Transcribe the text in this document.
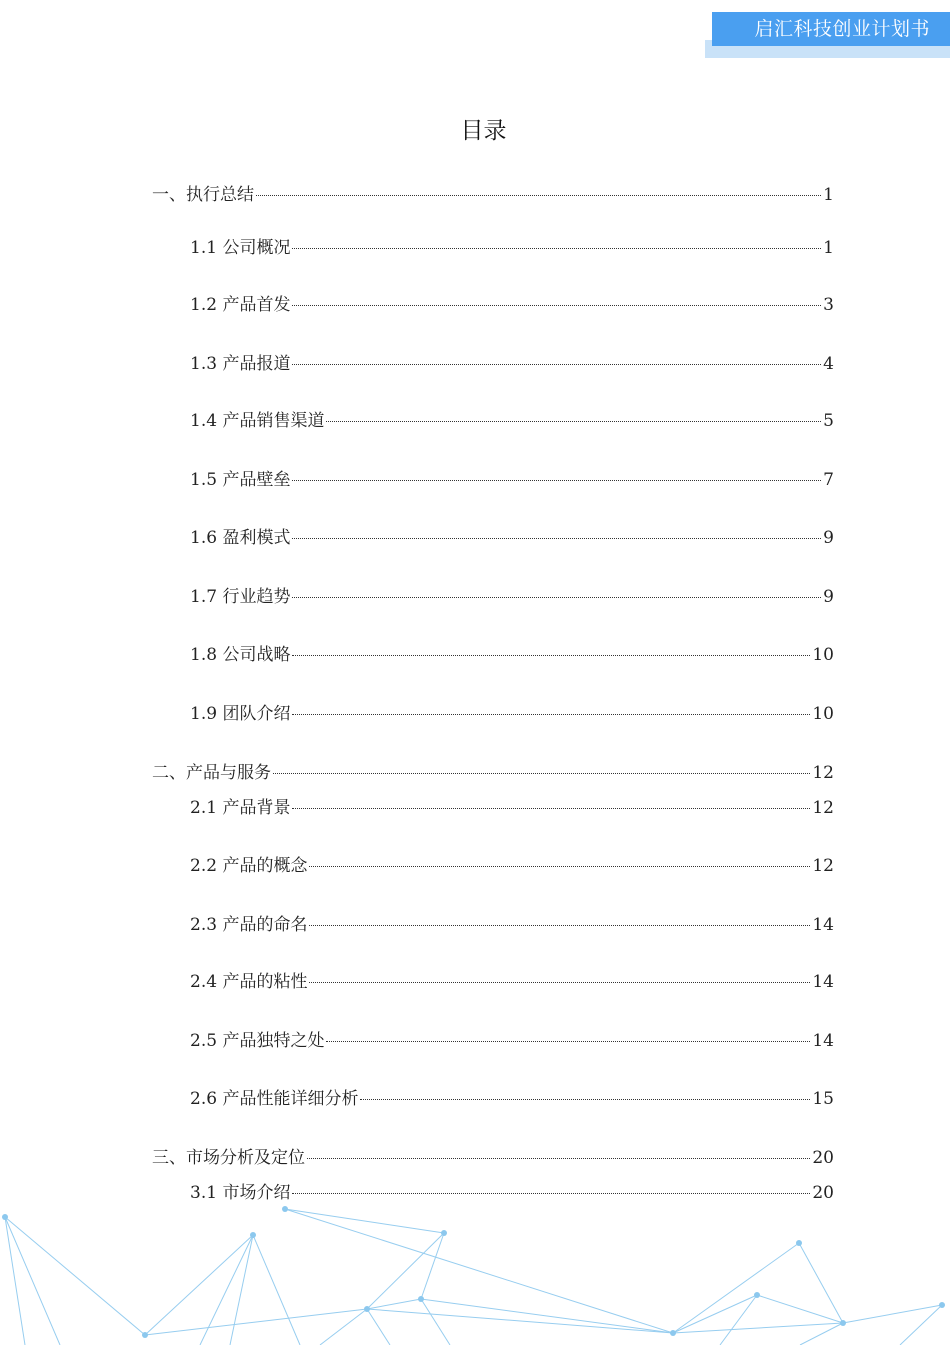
启汇科技创业计划书
目录
一、执行总结	1
1.1 公司概况	1
1.2 产品首发	3
1.3 产品报道	4
1.4 产品销售渠道	5
1.5 产品壁垒	7
1.6 盈利模式	9
1.7 行业趋势	9
1.8 公司战略	10
1.9 团队介绍	10
二、产品与服务	12
2.1 产品背景	12
2.2 产品的概念	12
2.3 产品的命名	14
2.4 产品的粘性	14
2.5 产品独特之处	14
2.6 产品性能详细分析	15
三、市场分析及定位	20
3.1 市场介绍	20
